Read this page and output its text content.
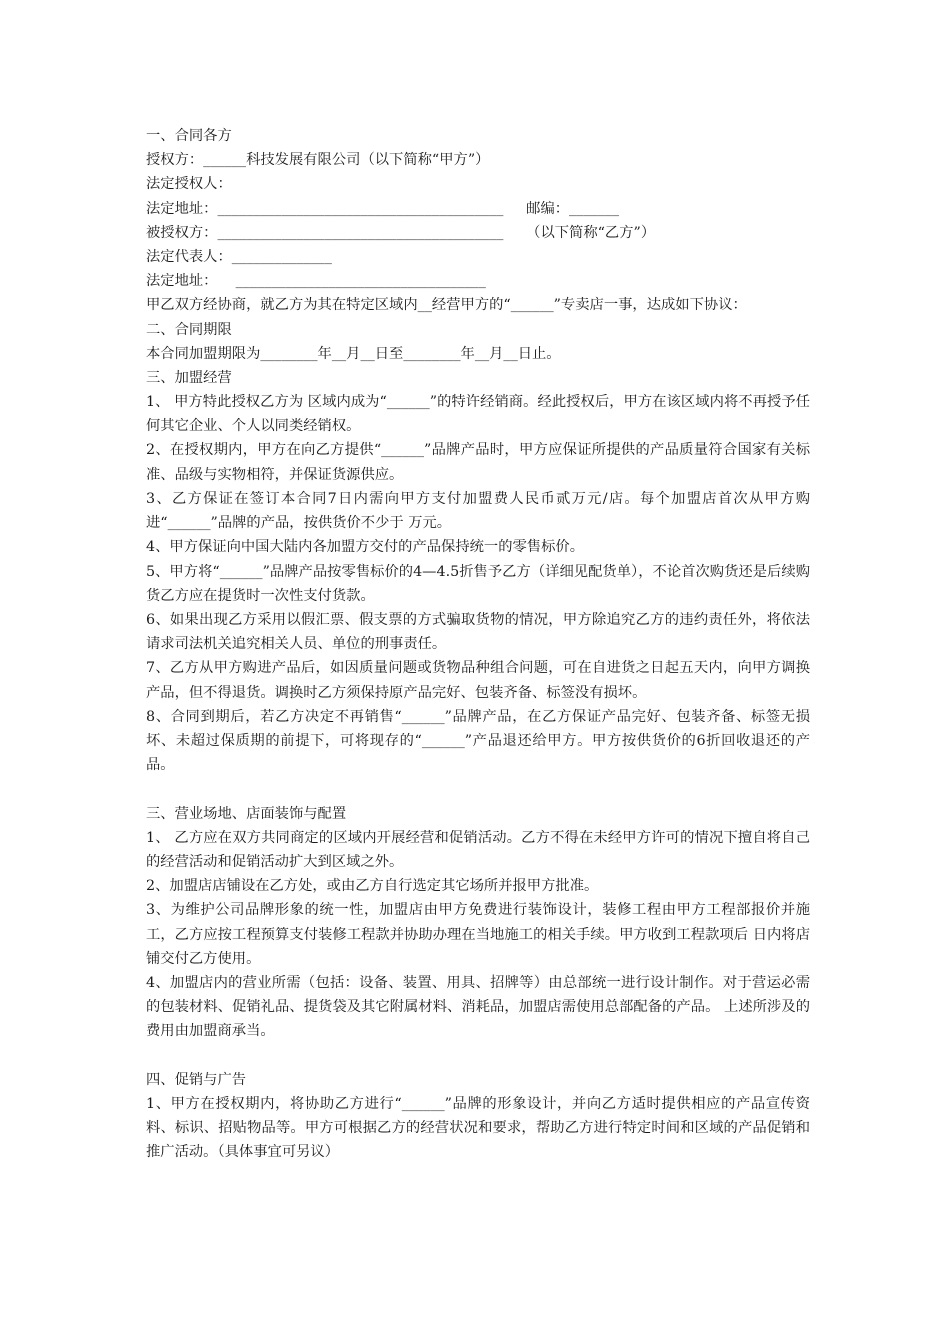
一、合同各方
授权方：______科技发展有限公司（以下简称“甲方”）
法定授权人：
法定地址：________________________________________     邮编：_______
被授权方：________________________________________     （以下简称“乙方”）
法定代表人：______________
法定地址：    ___________________________________
甲乙双方经协商，就乙方为其在特定区域内__经营甲方的“______”专卖店一事，达成如下协议：
二、合同期限
本合同加盟期限为________年__月__日至________年__月__日止。
三、加盟经营
1、 甲方特此授权乙方为 区域内成为“______”的特许经销商。经此授权后，甲方在该区域内将不再授予任何其它企业、个人以同类经销权。
2、在授权期内，甲方在向乙方提供“______”品牌产品时，甲方应保证所提供的产品质量符合国家有关标准、品级与实物相符，并保证货源供应。
3、乙方保证在签订本合同7日内需向甲方支付加盟费人民币贰万元/店。每个加盟店首次从甲方购进“______”品牌的产品，按供货价不少于 万元。
4、甲方保证向中国大陆内各加盟方交付的产品保持统一的零售标价。
5、甲方将“______”品牌产品按零售标价的4—4.5折售予乙方（详细见配货单），不论首次购货还是后续购货乙方应在提货时一次性支付货款。
6、如果出现乙方采用以假汇票、假支票的方式骗取货物的情况，甲方除追究乙方的违约责任外，将依法请求司法机关追究相关人员、单位的刑事责任。
7、乙方从甲方购进产品后，如因质量问题或货物品种组合问题，可在自进货之日起五天内，向甲方调换产品，但不得退货。调换时乙方须保持原产品完好、包装齐备、标签没有损坏。
8、合同到期后，若乙方决定不再销售“______”品牌产品，在乙方保证产品完好、包装齐备、标签无损坏、未超过保质期的前提下，可将现存的“______”产品退还给甲方。甲方按供货价的6折回收退还的产品。
三、营业场地、店面装饰与配置
1、 乙方应在双方共同商定的区域内开展经营和促销活动。乙方不得在未经甲方许可的情况下擅自将自己的经营活动和促销活动扩大到区域之外。
2、加盟店店铺设在乙方处，或由乙方自行选定其它场所并报甲方批准。
3、为维护公司品牌形象的统一性，加盟店由甲方免费进行装饰设计，装修工程由甲方工程部报价并施工，乙方应按工程预算支付装修工程款并协助办理在当地施工的相关手续。甲方收到工程款项后 日内将店铺交付乙方使用。
4、加盟店内的营业所需（包括：设备、装置、用具、招牌等）由总部统一进行设计制作。对于营运必需的包装材料、促销礼品、提货袋及其它附属材料、消耗品，加盟店需使用总部配备的产品。 上述所涉及的费用由加盟商承当。
四、促销与广告
1、甲方在授权期内，将协助乙方进行“______”品牌的形象设计，并向乙方适时提供相应的产品宣传资料、标识、招贴物品等。甲方可根据乙方的经营状况和要求，帮助乙方进行特定时间和区域的产品促销和推广活动。（具体事宜可另议）
